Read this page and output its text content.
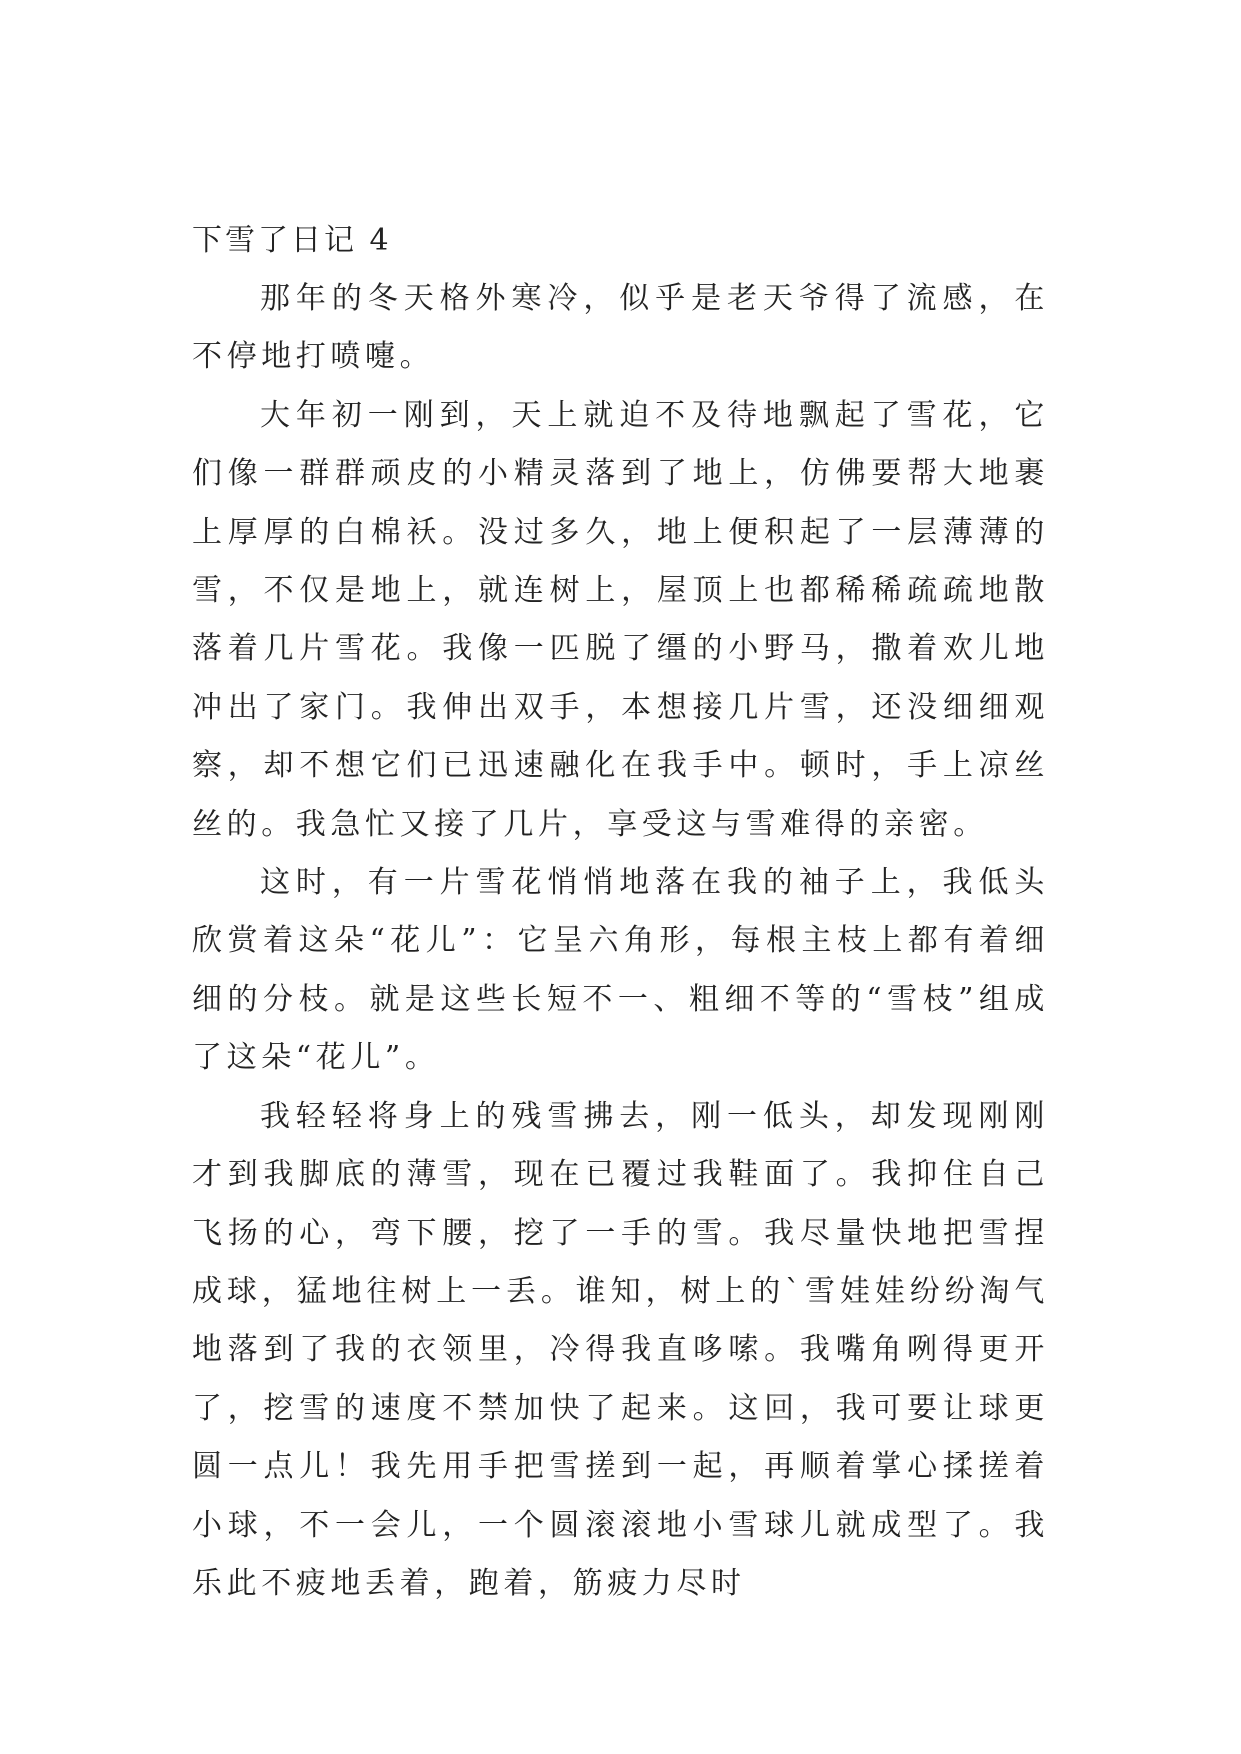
下雪了日记 4

那年的冬天格外寒冷，似乎是老天爷得了流感，在不停地打喷嚏。

大年初一刚到，天上就迫不及待地飘起了雪花，它们像一群群顽皮的小精灵落到了地上，仿佛要帮大地裹上厚厚的白棉袄。没过多久，地上便积起了一层薄薄的雪，不仅是地上，就连树上，屋顶上也都稀稀疏疏地散落着几片雪花。我像一匹脱了缰的小野马，撒着欢儿地冲出了家门。我伸出双手，本想接几片雪，还没细细观察，却不想它们已迅速融化在我手中。顿时，手上凉丝丝的。我急忙又接了几片，享受这与雪难得的亲密。

这时，有一片雪花悄悄地落在我的袖子上，我低头欣赏着这朵“花儿”：它呈六角形，每根主枝上都有着细细的分枝。就是这些长短不一、粗细不等的“雪枝”组成了这朵“花儿”。

我轻轻将身上的残雪拂去，刚一低头，却发现刚刚才到我脚底的薄雪，现在已覆过我鞋面了。我抑住自己飞扬的心，弯下腰，挖了一手的雪。我尽量快地把雪捏成球，猛地往树上一丢。谁知，树上的`雪娃娃纷纷淘气地落到了我的衣领里，冷得我直哆嗦。我嘴角咧得更开了，挖雪的速度不禁加快了起来。这回，我可要让球更圆一点儿！我先用手把雪搓到一起，再顺着掌心揉搓着小球，不一会儿，一个圆滚滚地小雪球儿就成型了。我乐此不疲地丢着，跑着，筋疲力尽时
